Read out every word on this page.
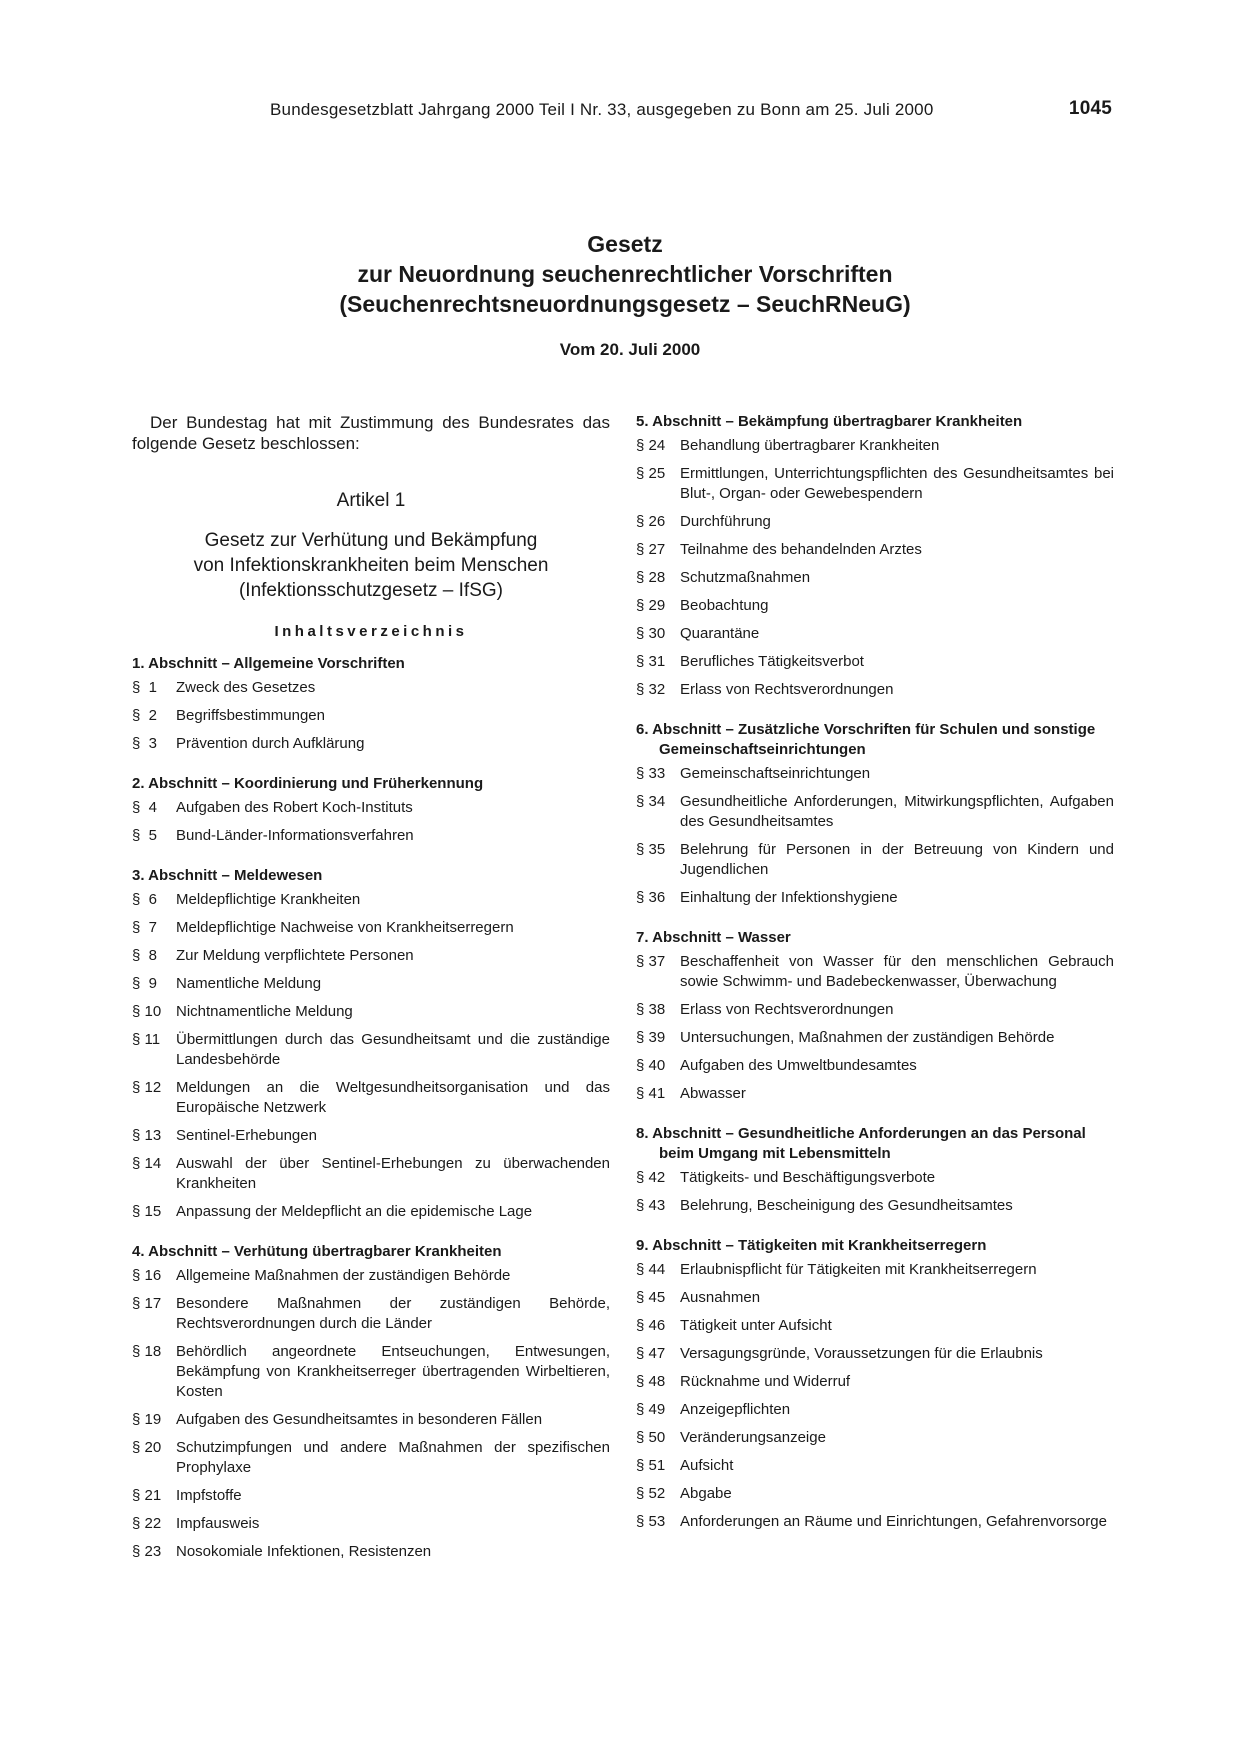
Bundesgesetzblatt Jahrgang 2000 Teil I Nr. 33, ausgegeben zu Bonn am 25. Juli 2000	1045
Gesetz
zur Neuordnung seuchenrechtlicher Vorschriften
(Seuchenrechtsneuordnungsgesetz – SeuchRNeuG)
Vom 20. Juli 2000

Der Bundestag hat mit Zustimmung des Bundesrates das folgende Gesetz beschlossen:

Artikel 1
Gesetz zur Verhütung und Bekämpfung
von Infektionskrankheiten beim Menschen
(Infektionsschutzgesetz – IfSG)
Inhaltsverzeichnis
1. Abschnitt – Allgemeine Vorschriften
§  1	Zweck des Gesetzes
§  2	Begriffsbestimmungen
§  3	Prävention durch Aufklärung
2. Abschnitt – Koordinierung und Früherkennung
§  4	Aufgaben des Robert Koch-Instituts
§  5	Bund-Länder-Informationsverfahren
3. Abschnitt – Meldewesen
§  6	Meldepflichtige Krankheiten
§  7	Meldepflichtige Nachweise von Krankheitserregern
§  8	Zur Meldung verpflichtete Personen
§  9	Namentliche Meldung
§ 10 Nichtnamentliche Meldung
§ 11	Übermittlungen durch das Gesundheitsamt und die zuständige Landesbehörde
§ 12 Meldungen an die Weltgesundheitsorganisation und das Europäische Netzwerk
§ 13 Sentinel-Erhebungen
§ 14 Auswahl der über Sentinel-Erhebungen zu überwachenden Krankheiten
§ 15 Anpassung der Meldepflicht an die epidemische Lage
4. Abschnitt – Verhütung übertragbarer Krankheiten
§ 16 Allgemeine Maßnahmen der zuständigen Behörde
§ 17 Besondere Maßnahmen der zuständigen Behörde, Rechtsverordnungen durch die Länder
§ 18 Behördlich angeordnete Entseuchungen, Entwesungen, Bekämpfung von Krankheitserreger übertragenden Wirbeltieren, Kosten
§ 19 Aufgaben des Gesundheitsamtes in besonderen Fällen
§ 20 Schutzimpfungen und andere Maßnahmen der spezifischen Prophylaxe
§ 21 Impfstoffe
§ 22 Impfausweis
§ 23 Nosokomiale Infektionen, Resistenzen
5. Abschnitt – Bekämpfung übertragbarer Krankheiten
§ 24 Behandlung übertragbarer Krankheiten
§ 25 Ermittlungen, Unterrichtungspflichten des Gesundheitsamtes bei Blut-, Organ- oder Gewebespendern
§ 26 Durchführung
§ 27 Teilnahme des behandelnden Arztes
§ 28 Schutzmaßnahmen
§ 29 Beobachtung
§ 30 Quarantäne
§ 31 Berufliches Tätigkeitsverbot
§ 32 Erlass von Rechtsverordnungen
6. Abschnitt – Zusätzliche Vorschriften für Schulen und sonstige Gemeinschaftseinrichtungen
§ 33 Gemeinschaftseinrichtungen
§ 34 Gesundheitliche Anforderungen, Mitwirkungspflichten, Aufgaben des Gesundheitsamtes
§ 35 Belehrung für Personen in der Betreuung von Kindern und Jugendlichen
§ 36 Einhaltung der Infektionshygiene
7. Abschnitt – Wasser
§ 37 Beschaffenheit von Wasser für den menschlichen Gebrauch sowie Schwimm- und Badebeckenwasser, Überwachung
§ 38 Erlass von Rechtsverordnungen
§ 39 Untersuchungen, Maßnahmen der zuständigen Behörde
§ 40 Aufgaben des Umweltbundesamtes
§ 41 Abwasser
8. Abschnitt – Gesundheitliche Anforderungen an das Personal beim Umgang mit Lebensmitteln
§ 42 Tätigkeits- und Beschäftigungsverbote
§ 43 Belehrung, Bescheinigung des Gesundheitsamtes
9. Abschnitt – Tätigkeiten mit Krankheitserregern
§ 44 Erlaubnispflicht für Tätigkeiten mit Krankheitserregern
§ 45 Ausnahmen
§ 46 Tätigkeit unter Aufsicht
§ 47 Versagungsgründe, Voraussetzungen für die Erlaubnis
§ 48 Rücknahme und Widerruf
§ 49 Anzeigepflichten
§ 50 Veränderungsanzeige
§ 51 Aufsicht
§ 52 Abgabe
§ 53 Anforderungen an Räume und Einrichtungen, Gefahrenvorsorge
